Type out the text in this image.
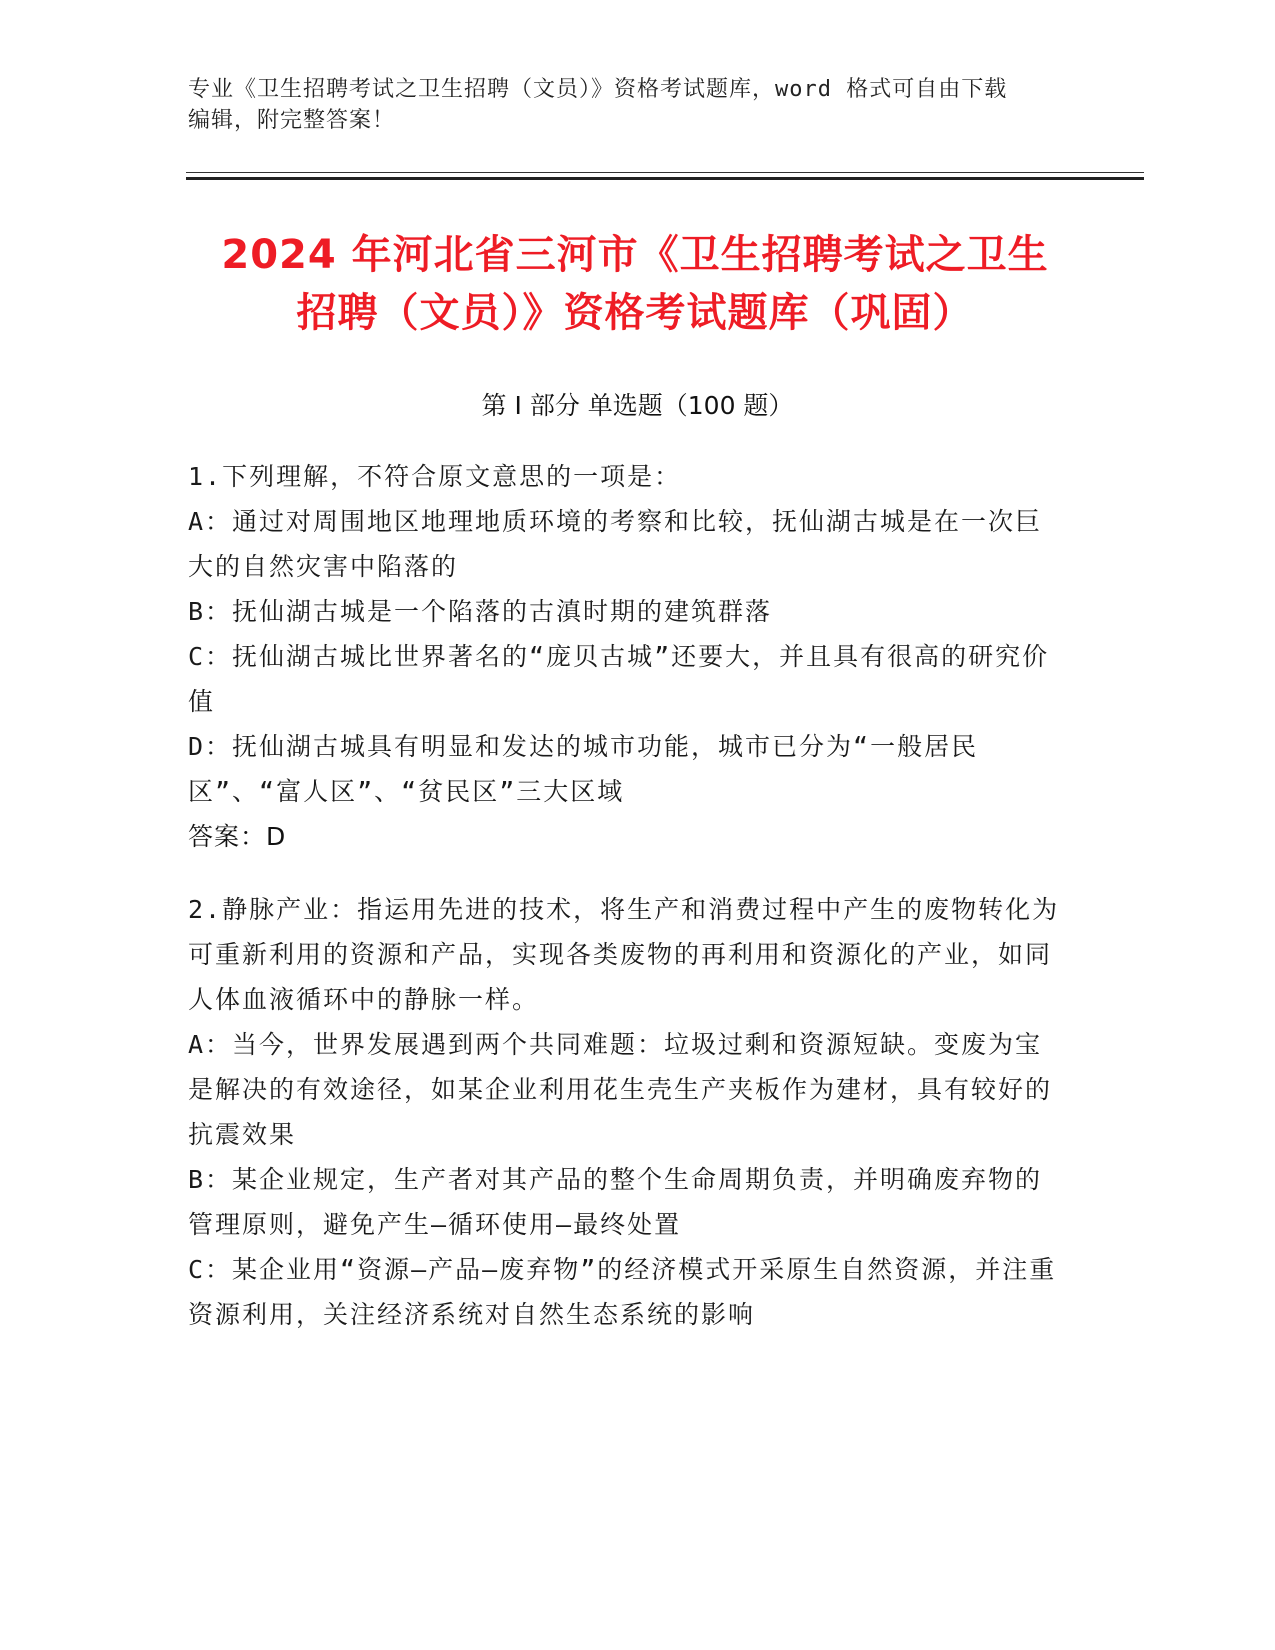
专业《卫生招聘考试之卫生招聘（文员）》资格考试题库，word 格式可自由下载
编辑，附完整答案！
2024 年河北省三河市《卫生招聘考试之卫生
招聘（文员）》资格考试题库（巩固）
第 I 部分 单选题（100 题）

1.下列理解，不符合原文意思的一项是：

A：通过对周围地区地理地质环境的考察和比较，抚仙湖古城是在一次巨大的自然灾害中陷落的

B：抚仙湖古城是一个陷落的古滇时期的建筑群落

C：抚仙湖古城比世界著名的“庞贝古城”还要大，并且具有很高的研究价值

D：抚仙湖古城具有明显和发达的城市功能，城市已分为“一般居民区”、“富人区”、“贫民区”三大区域

答案：D

2.静脉产业：指运用先进的技术，将生产和消费过程中产生的废物转化为可重新利用的资源和产品，实现各类废物的再利用和资源化的产业，如同人体血液循环中的静脉一样。

A：当今，世界发展遇到两个共同难题：垃圾过剩和资源短缺。变废为宝是解决的有效途径，如某企业利用花生壳生产夹板作为建材，具有较好的抗震效果

B：某企业规定，生产者对其产品的整个生命周期负责，并明确废弃物的管理原则，避免产生—循环使用—最终处置

C：某企业用“资源—产品—废弃物”的经济模式开采原生自然资源，并注重资源利用，关注经济系统对自然生态系统的影响
